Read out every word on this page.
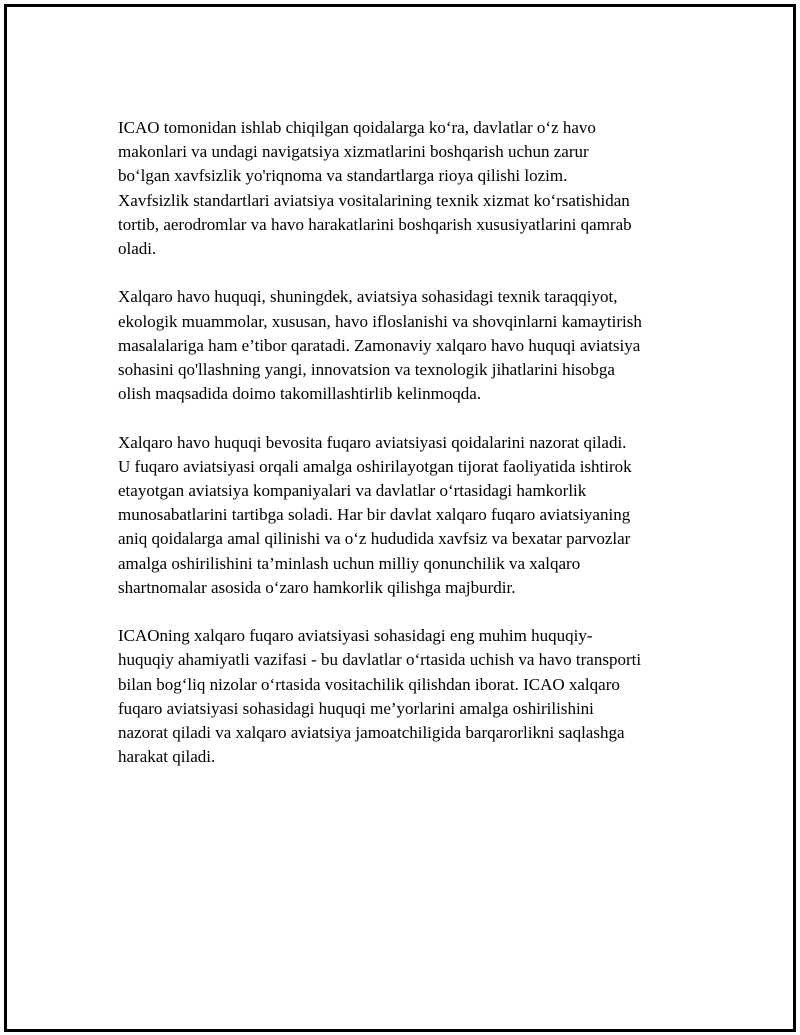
ICAO tomonidan ishlab chiqilgan qoidalarga ko‘ra, davlatlar o‘z havo
makonlari va undagi navigatsiya xizmatlarini boshqarish uchun zarur
bo‘lgan xavfsizlik yo'riqnoma va standartlarga rioya qilishi lozim.
Xavfsizlik standartlari aviatsiya vositalarining texnik xizmat ko‘rsatishidan
tortib, aerodromlar va havo harakatlarini boshqarish xususiyatlarini qamrab
oladi.

Xalqaro havo huquqi, shuningdek, aviatsiya sohasidagi texnik taraqqiyot,
ekologik muammolar, xususan, havo ifloslanishi va shovqinlarni kamaytirish
masalalariga ham e’tibor qaratadi. Zamonaviy xalqaro havo huquqi aviatsiya
sohasini qo'llashning yangi, innovatsion va texnologik jihatlarini hisobga
olish maqsadida doimo takomillashtirlib kelinmoqda.

Xalqaro havo huquqi bevosita fuqaro aviatsiyasi qoidalarini nazorat qiladi.
U fuqaro aviatsiyasi orqali amalga oshirilayotgan tijorat faoliyatida ishtirok
etayotgan aviatsiya kompaniyalari va davlatlar o‘rtasidagi hamkorlik
munosabatlarini tartibga soladi. Har bir davlat xalqaro fuqaro aviatsiyaning
aniq qoidalarga amal qilinishi va o‘z hududida xavfsiz va bexatar parvozlar
amalga oshirilishini ta’minlash uchun milliy qonunchilik va xalqaro
shartnomalar asosida o‘zaro hamkorlik qilishga majburdir.

ICAOning xalqaro fuqaro aviatsiyasi sohasidagi eng muhim huquqiy-
huquqiy ahamiyatli vazifasi - bu davlatlar o‘rtasida uchish va havo transporti
bilan bog‘liq nizolar o‘rtasida vositachilik qilishdan iborat. ICAO xalqaro
fuqaro aviatsiyasi sohasidagi huquqi me’yorlarini amalga oshirilishini
nazorat qiladi va xalqaro aviatsiya jamoatchiligida barqarorlikni saqlashga
harakat qiladi.
